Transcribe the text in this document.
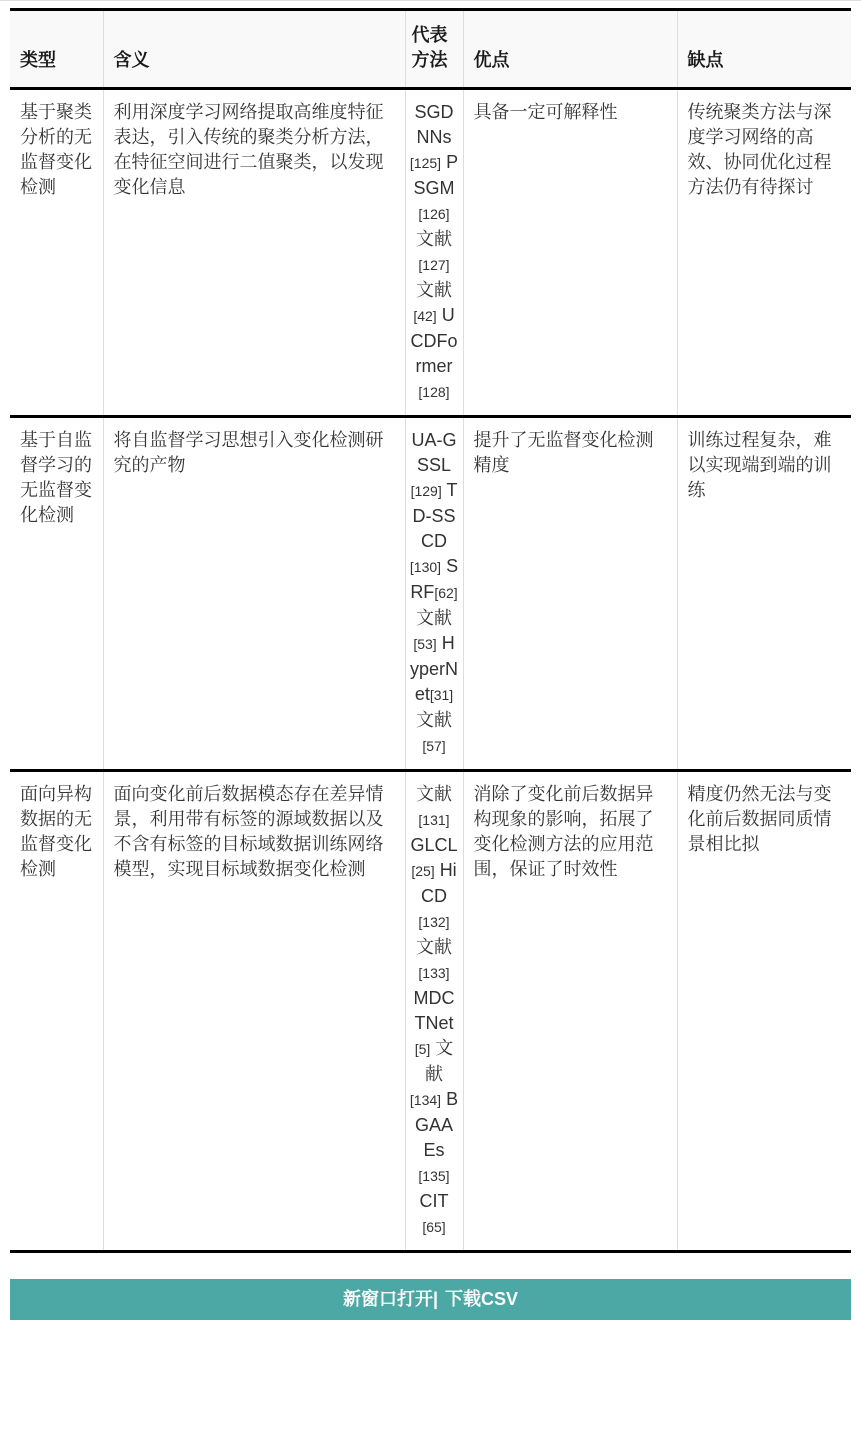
类型	含义	代表方法	优点	缺点
基于聚类分析的无监督变化检测	利用深度学习网络提取高维度特征表达，引入传统的聚类分析方法，在特征空间进行二值聚类，以发现变化信息	SGDNNs[125] PSGM[126] 文献[127] 文献[42] UCDFormer[128]	具备一定可解释性	传统聚类方法与深度学习网络的高效、协同优化过程方法仍有待探讨
基于自监督学习的无监督变化检测	将自监督学习思想引入变化检测研究的产物	UA-GSSL[129] TD-SSCD[130] SRF[62] 文献[53] HyperNet[31] 文献[57]	提升了无监督变化检测精度	训练过程复杂，难以实现端到端的训练
面向异构数据的无监督变化检测	面向变化前后数据模态存在差异情景，利用带有标签的源域数据以及不含有标签的目标域数据训练网络模型，实现目标域数据变化检测	文献[131] GLCL[25] HiCD[132] 文献[133] MDCTNet[5] 文献[134] BGAAEs[135] CIT[65]	消除了变化前后数据异构现象的影响，拓展了变化检测方法的应用范围，保证了时效性	精度仍然无法与变化前后数据同质情景相比拟
新窗口打开| 下载CSV
